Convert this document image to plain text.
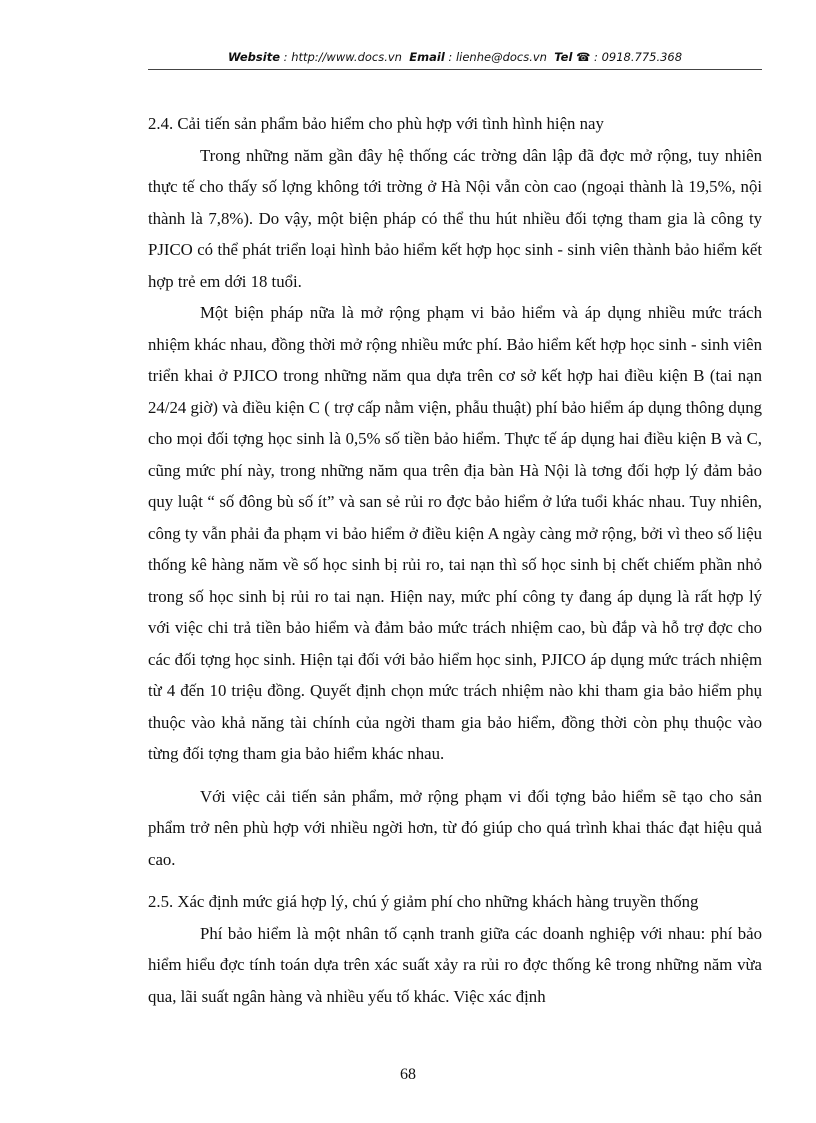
Website : http://www.docs.vn Email : lienhe@docs.vn Tel ☎ : 0918.775.368

2.4. Cải tiến sản phẩm bảo hiểm cho phù hợp với tình hình hiện nay

Trong những năm gần đây hệ thống các trờng dân lập đã đợc mở rộng, tuy nhiên thực tế cho thấy số lợng không tới trờng ở Hà Nội vẫn còn cao (ngoại thành là 19,5%, nội thành là 7,8%). Do vậy, một biện pháp có thể thu hút nhiều đối tợng tham gia là công ty PJICO có thể phát triển loại hình bảo hiểm kết hợp học sinh - sinh viên thành bảo hiểm kết hợp trẻ em dới 18 tuổi.

Một biện pháp nữa là mở rộng phạm vi bảo hiểm và áp dụng nhiều mức trách nhiệm khác nhau, đồng thời mở rộng nhiều mức phí. Bảo hiểm kết hợp học sinh - sinh viên triển khai ở PJICO trong những năm qua dựa trên cơ sở kết hợp hai điều kiện B (tai nạn 24/24 giờ) và điều kiện C ( trợ cấp nằm viện, phẫu thuật) phí bảo hiểm áp dụng thông dụng cho mọi đối tợng học sinh là 0,5% số tiền bảo hiểm. Thực tế áp dụng hai điều kiện B và C, cũng mức phí này, trong những năm qua trên địa bàn Hà Nội là tơng đối hợp lý đảm bảo quy luật “ số đông bù số ít” và san sẻ rủi ro đợc bảo hiểm ở lứa tuổi khác nhau. Tuy nhiên, công ty vẫn phải đa phạm vi bảo hiểm ở điều kiện A ngày càng mở rộng, bởi vì theo số liệu thống kê hàng năm về số học sinh bị rủi ro, tai nạn thì số học sinh bị chết chiếm phần nhỏ trong số học sinh bị rủi ro tai nạn. Hiện nay, mức phí công ty đang áp dụng là rất hợp lý với việc chi trả tiền bảo hiểm và đảm bảo mức trách nhiệm cao, bù đắp và hỗ trợ đợc cho các đối tợng học sinh. Hiện tại đối với bảo hiểm học sinh, PJICO áp dụng mức trách nhiệm từ 4 đến 10 triệu đồng. Quyết định chọn mức trách nhiệm nào khi tham gia bảo hiểm phụ thuộc vào khả năng tài chính của ngời tham gia bảo hiểm, đồng thời còn phụ thuộc vào từng đối tợng tham gia bảo hiểm khác nhau.

Với việc cải tiến sản phẩm, mở rộng phạm vi đối tợng bảo hiểm sẽ tạo cho sản phẩm trở nên phù hợp với nhiều ngời hơn, từ đó giúp cho quá trình khai thác đạt hiệu quả cao.

2.5. Xác định mức giá hợp lý, chú ý giảm phí cho những khách hàng truyền thống

Phí bảo hiểm là một nhân tố cạnh tranh giữa các doanh nghiệp với nhau: phí bảo hiểm hiểu đợc tính toán dựa trên xác suất xảy ra rủi ro đợc thống kê trong những năm vừa qua, lãi suất ngân hàng và nhiều yếu tố khác. Việc xác định

68
